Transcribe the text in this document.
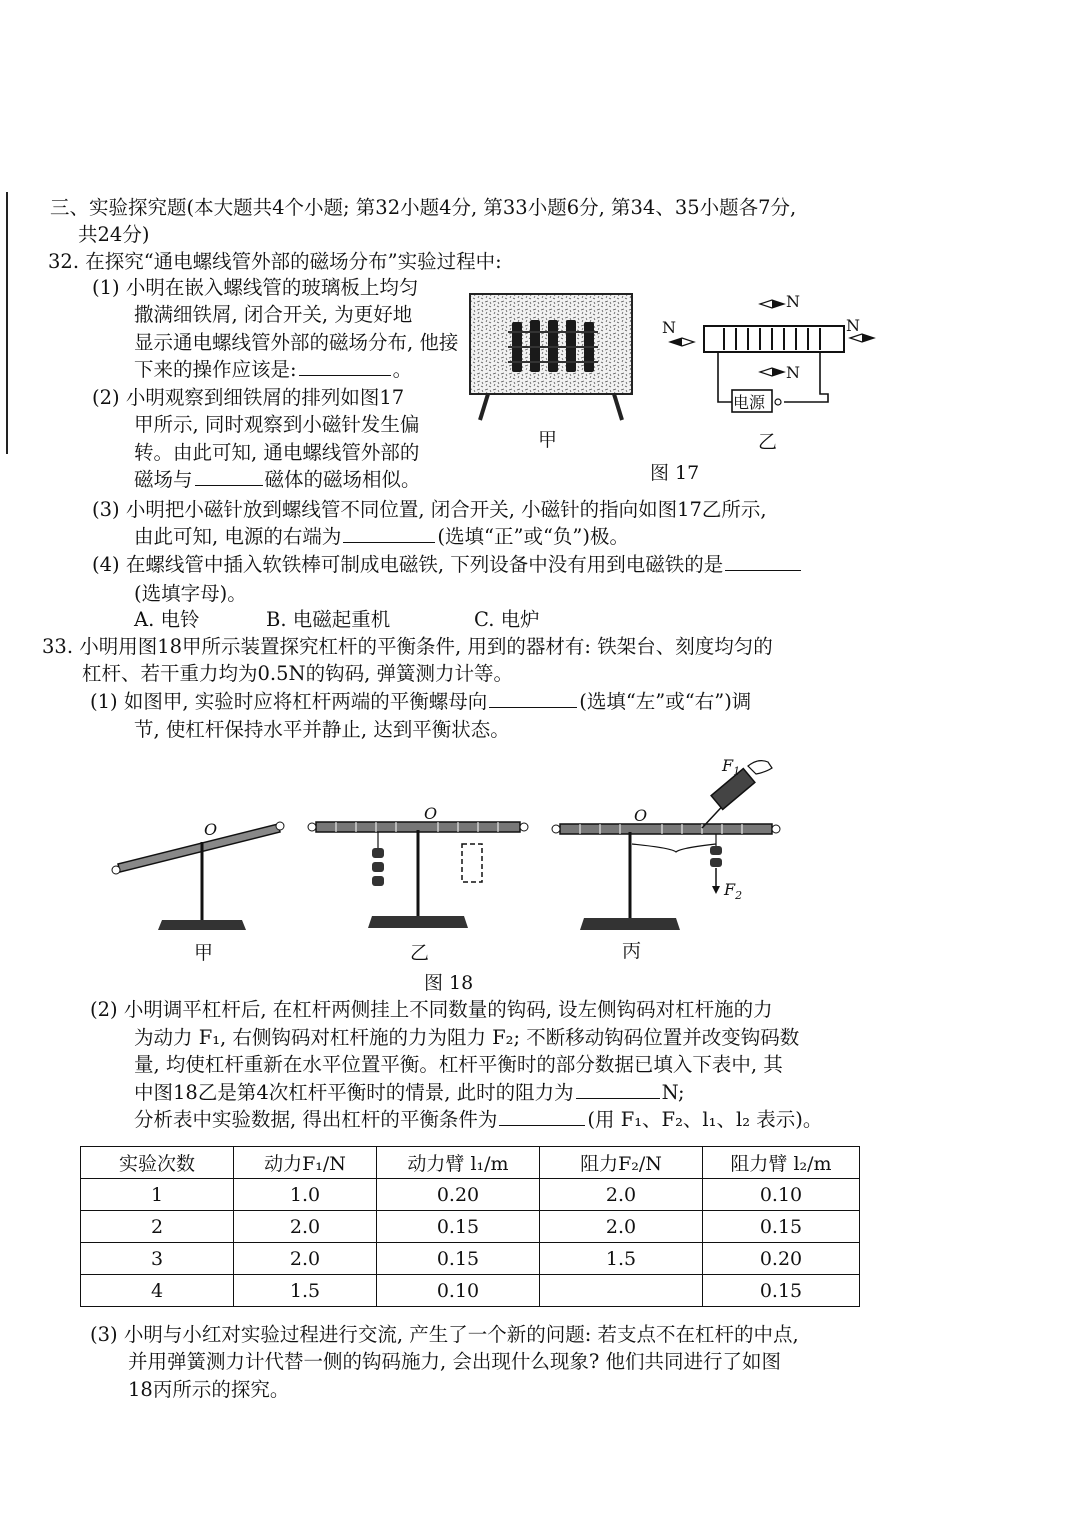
三、实验探究题(本大题共4个小题; 第32小题4分, 第33小题6分, 第34、35小题各7分,
共24分)
32. 在探究“通电螺线管外部的磁场分布”实验过程中:
(1) 小明在嵌入螺线管的玻璃板上均匀
撒满细铁屑, 闭合开关, 为更好地
显示通电螺线管外部的磁场分布, 他接
下来的操作应该是:	。
(2) 小明观察到细铁屑的排列如图17
甲所示, 同时观察到小磁针发生偏
转。由此可知, 通电螺线管外部的
磁场与	磁体的磁场相似。
(3) 小明把小磁针放到螺线管不同位置, 闭合开关, 小磁针的指向如图17乙所示,
由此可知, 电源的右端为	(选填“正”或“负”)极。
(4) 在螺线管中插入软铁棒可制成电磁铁, 下列设备中没有用到电磁铁的是
(选填字母)。
A. 电铃	B. 电磁起重机	C. 电炉
甲
N
N	N
N
电源
乙
图 17
33. 小明用图18甲所示装置探究杠杆的平衡条件, 用到的器材有: 铁架台、刻度均匀的
杠杆、若干重力均为0.5N的钩码, 弹簧测力计等。
(1) 如图甲, 实验时应将杠杆两端的平衡螺母向	(选填“左”或“右”)调
节, 使杠杆保持水平并静止, 达到平衡状态。
O
甲
O
乙
O
$F_1$
$F_2$
丙
图 18
(2) 小明调平杠杆后, 在杠杆两侧挂上不同数量的钩码, 设左侧钩码对杠杆施的力
为动力 F₁, 右侧钩码对杠杆施的力为阻力 F₂; 不断移动钩码位置并改变钩码数
量, 均使杠杆重新在水平位置平衡。杠杆平衡时的部分数据已填入下表中, 其
中图18乙是第4次杠杆平衡时的情景, 此时的阻力为	N;
分析表中实验数据, 得出杠杆的平衡条件为	(用 F₁、F₂、l₁、l₂ 表示)。
实验次数	动力F₁/N	动力臂 l₁/m	阻力F₂/N	阻力臂 l₂/m
1	1.0	0.20	2.0	0.10
2	2.0	0.15	2.0	0.15
3	2.0	0.15	1.5	0.20
4	1.5	0.10		0.15
(3) 小明与小红对实验过程进行交流, 产生了一个新的问题: 若支点不在杠杆的中点,
并用弹簧测力计代替一侧的钩码施力, 会出现什么现象? 他们共同进行了如图
18丙所示的探究。
